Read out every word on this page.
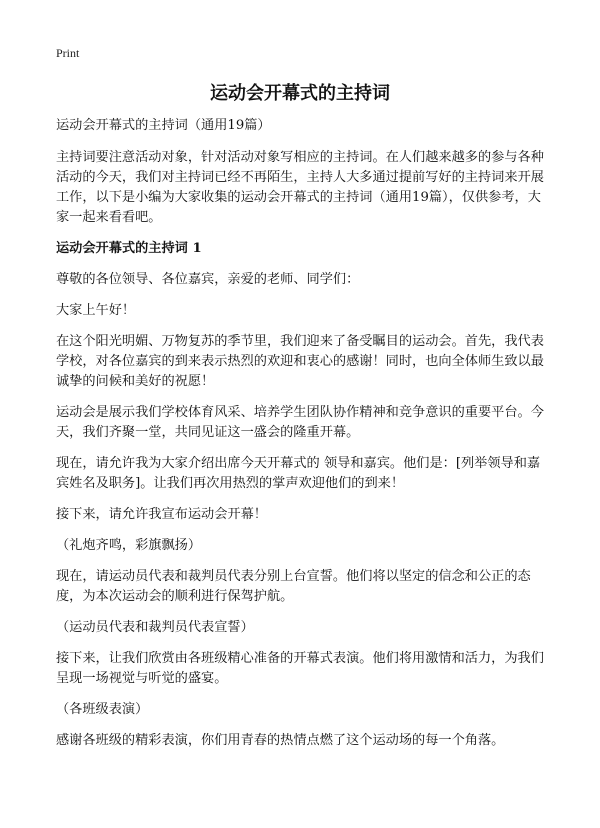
Print
运动会开幕式的主持词

运动会开幕式的主持词（通用19篇）

主持词要注意活动对象，针对活动对象写相应的主持词。在人们越来越多的参与各种活动的今天，我们对主持词已经不再陌生，主持人大多通过提前写好的主持词来开展工作，以下是小编为大家收集的运动会开幕式的主持词（通用19篇），仅供参考，大家一起来看看吧。

运动会开幕式的主持词 1

尊敬的各位领导、各位嘉宾，亲爱的老师、同学们：

大家上午好！

在这个阳光明媚、万物复苏的季节里，我们迎来了备受瞩目的运动会。首先，我代表学校，对各位嘉宾的到来表示热烈的欢迎和衷心的感谢！同时，也向全体师生致以最诚挚的问候和美好的祝愿！

运动会是展示我们学校体育风采、培养学生团队协作精神和竞争意识的重要平台。今天，我们齐聚一堂，共同见证这一盛会的隆重开幕。

现在，请允许我为大家介绍出席今天开幕式的 领导和嘉宾。他们是：[列举领导和嘉宾姓名及职务]。让我们再次用热烈的掌声欢迎他们的到来！

接下来，请允许我宣布运动会开幕！

（礼炮齐鸣，彩旗飘扬）

现在，请运动员代表和裁判员代表分别上台宣誓。他们将以坚定的信念和公正的态度，为本次运动会的顺利进行保驾护航。

（运动员代表和裁判员代表宣誓）

接下来，让我们欣赏由各班级精心准备的开幕式表演。他们将用激情和活力，为我们呈现一场视觉与听觉的盛宴。

（各班级表演）

感谢各班级的精彩表演，你们用青春的热情点燃了这个运动场的每一个角落。
